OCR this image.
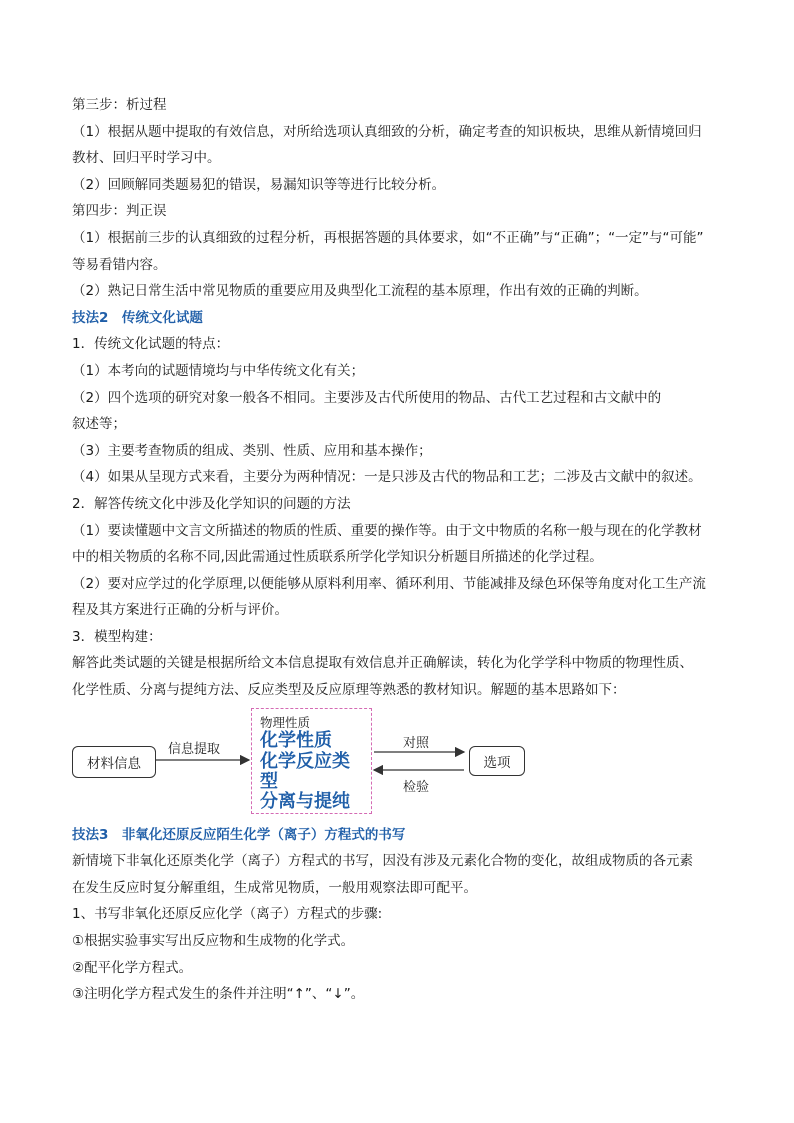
第三步：析过程
（1）根据从题中提取的有效信息，对所给选项认真细致的分析，确定考查的知识板块，思维从新情境回归
教材、回归平时学习中。
（2）回顾解同类题易犯的错误，易漏知识等等进行比较分析。
第四步：判正误
（1）根据前三步的认真细致的过程分析，再根据答题的具体要求，如“不正确”与“正确”；“一定”与“可能”
等易看错内容。
（2）熟记日常生活中常见物质的重要应用及典型化工流程的基本原理，作出有效的正确的判断。
技法2　传统文化试题
1．传统文化试题的特点：
（1）本考向的试题情境均与中华传统文化有关；
（2）四个选项的研究对象一般各不相同。主要涉及古代所使用的物品、古代工艺过程和古文献中的
叙述等；
（3）主要考查物质的组成、类别、性质、应用和基本操作；
（4）如果从呈现方式来看，主要分为两种情况：一是只涉及古代的物品和工艺；二涉及古文献中的叙述。
2．解答传统文化中涉及化学知识的问题的方法
（1）要读懂题中文言文所描述的物质的性质、重要的操作等。由于文中物质的名称一般与现在的化学教材
中的相关物质的名称不同,因此需通过性质联系所学化学知识分析题目所描述的化学过程。
（2）要对应学过的化学原理,以便能够从原料利用率、循环利用、节能减排及绿色环保等角度对化工生产流
程及其方案进行正确的分析与评价。
3．模型构建：
解答此类试题的关键是根据所给文本信息提取有效信息并正确解读，转化为化学学科中物质的物理性质、
化学性质、分离与提纯方法、反应类型及反应原理等熟悉的教材知识。解题的基本思路如下：
材料信息
信息提取
物理性质
化学性质
化学反应类
型
分离与提纯
对照
检验
选项
技法3　非氧化还原反应陌生化学（离子）方程式的书写
新情境下非氧化还原类化学（离子）方程式的书写，因没有涉及元素化合物的变化，故组成物质的各元素
在发生反应时复分解重组，生成常见物质，一般用观察法即可配平。
1、书写非氧化还原反应化学（离子）方程式的步骤:
①根据实验事实写出反应物和生成物的化学式。
②配平化学方程式。
③注明化学方程式发生的条件并注明“↑”、“↓”。
